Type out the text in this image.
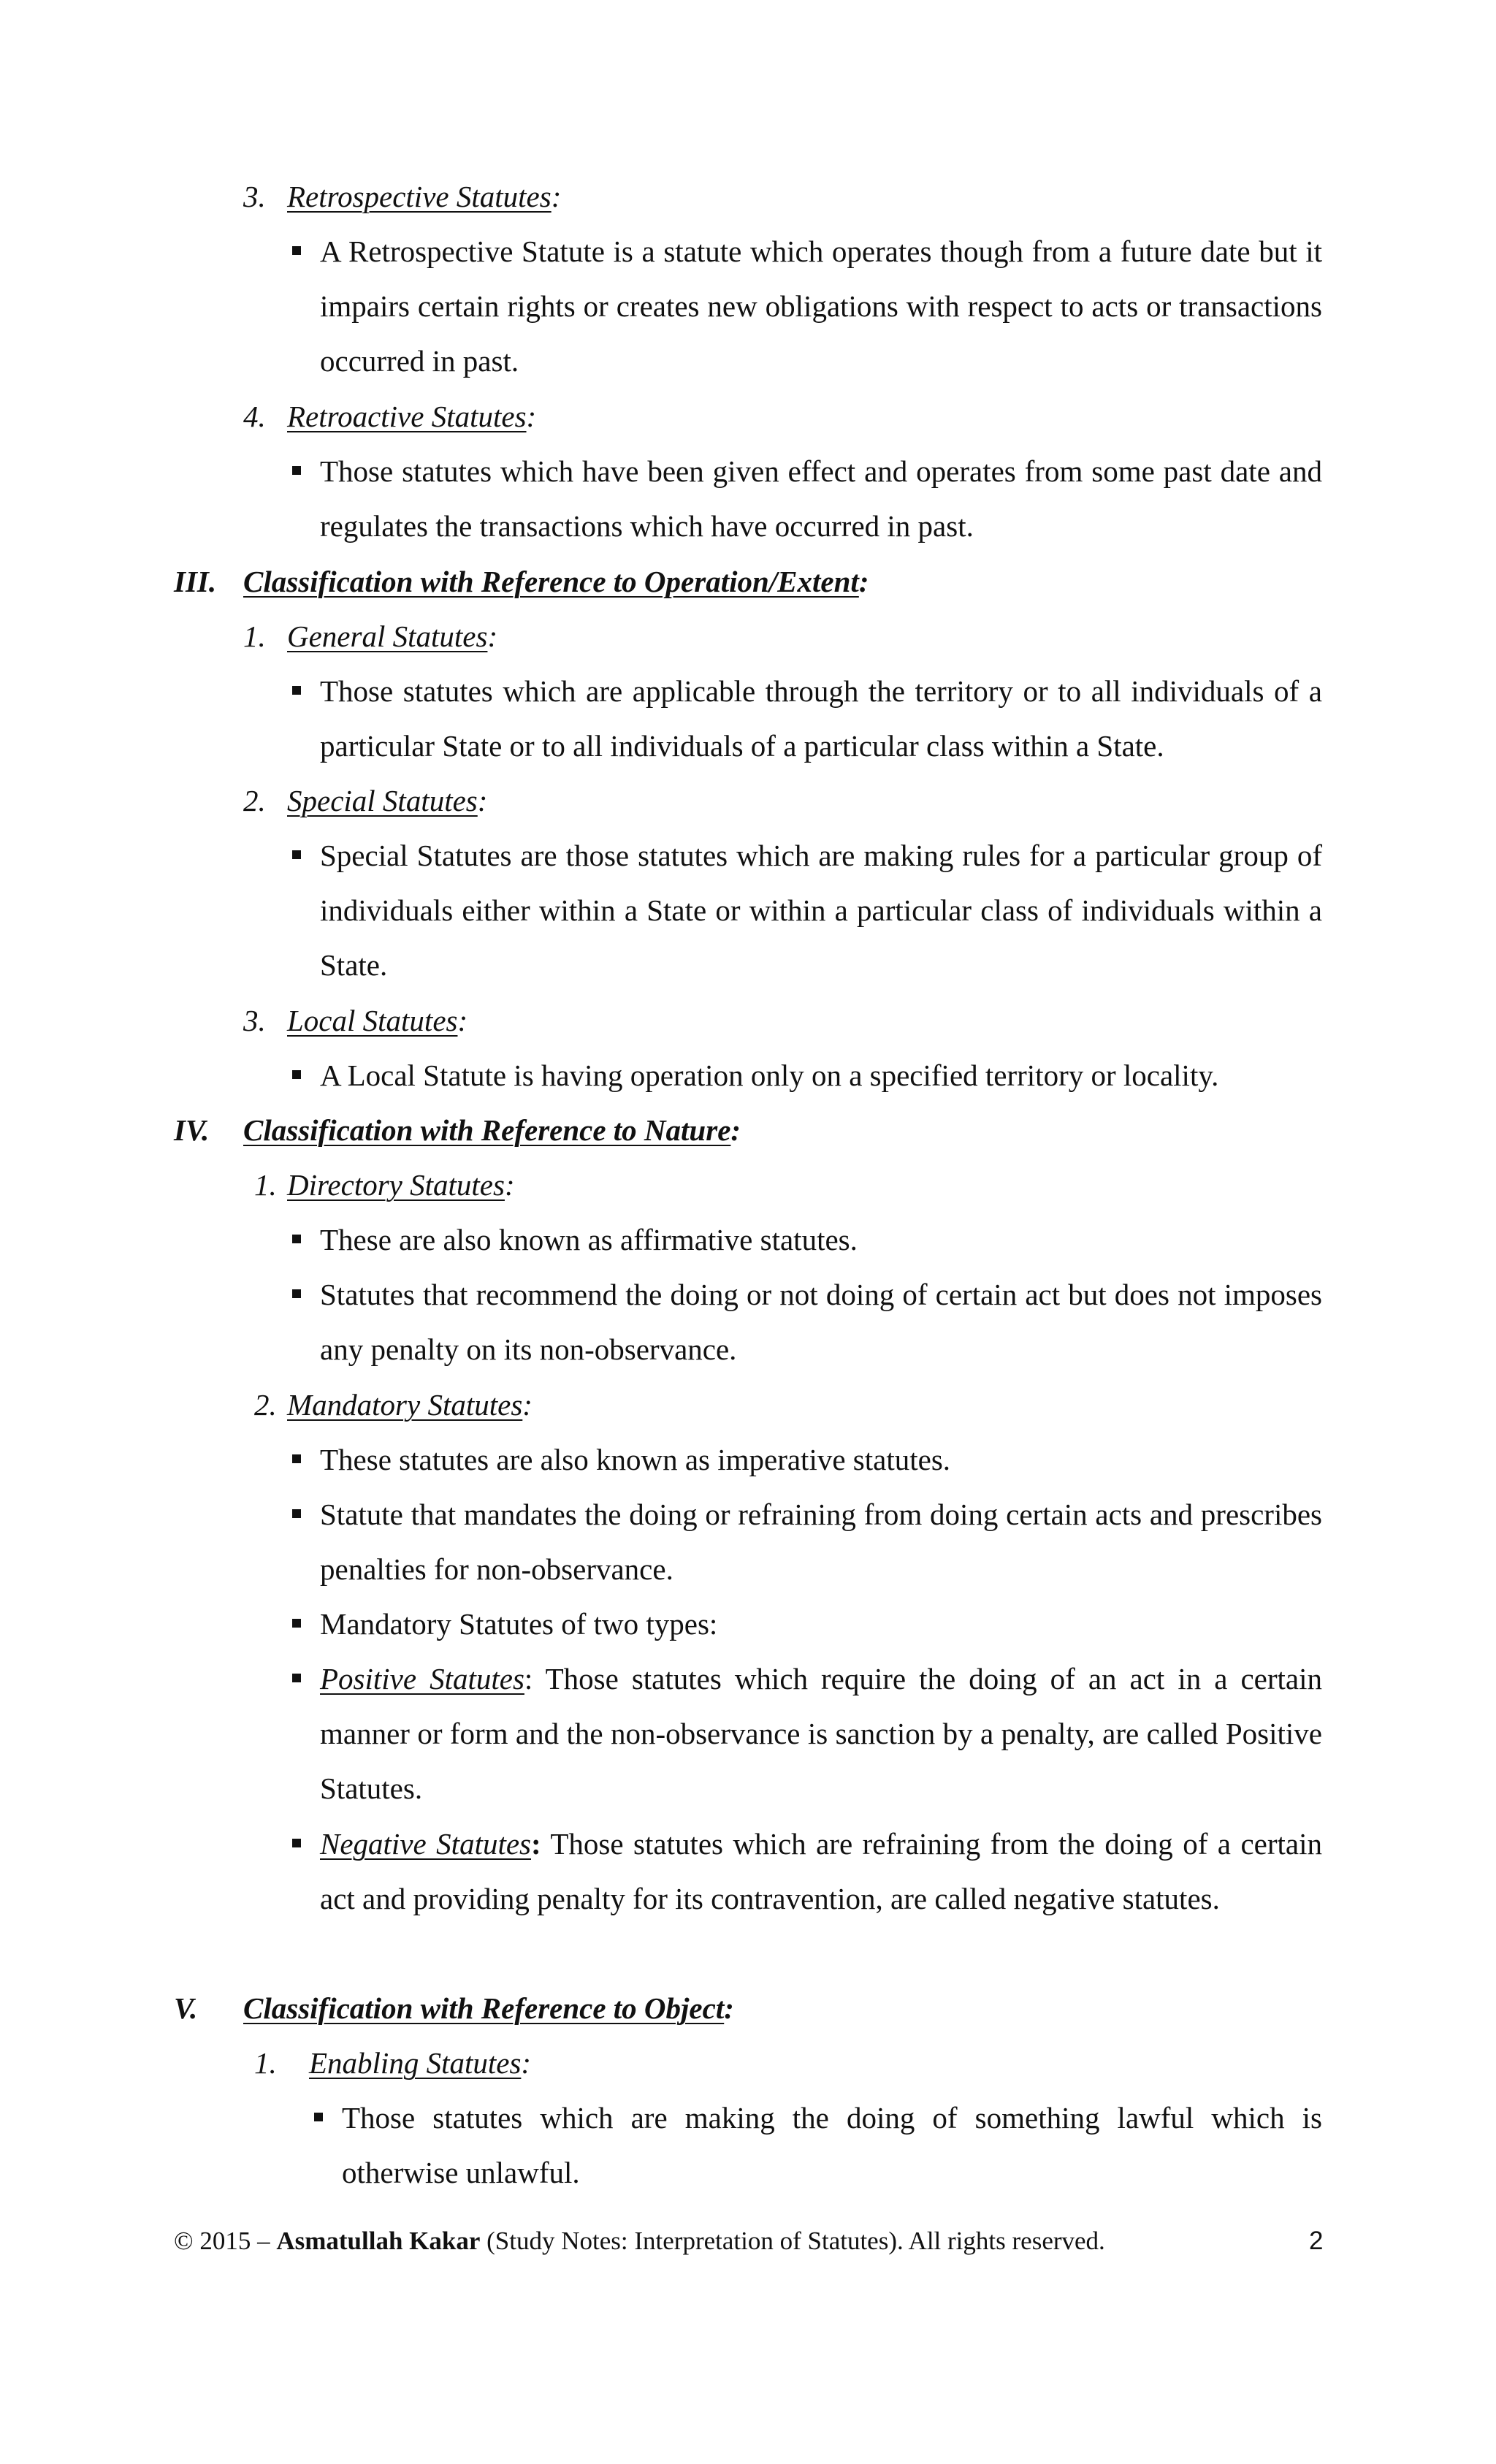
3. Retrospective Statutes:
A Retrospective Statute is a statute which operates though from a future date but it impairs certain rights or creates new obligations with respect to acts or transactions occurred in past.
4. Retroactive Statutes:
Those statutes which have been given effect and operates from some past date and regulates the transactions which have occurred in past.
III. Classification with Reference to Operation/Extent:
1. General Statutes:
Those statutes which are applicable through the territory or to all individuals of a particular State or to all individuals of a particular class within a State.
2. Special Statutes:
Special Statutes are those statutes which are making rules for a particular group of individuals either within a State or within a particular class of individuals within a State.
3. Local Statutes:
A Local Statute is having operation only on a specified territory or locality.
IV. Classification with Reference to Nature:
1. Directory Statutes:
These are also known as affirmative statutes.
Statutes that recommend the doing or not doing of certain act but does not imposes any penalty on its non-observance.
2. Mandatory Statutes:
These statutes are also known as imperative statutes.
Statute that mandates the doing or refraining from doing certain acts and prescribes penalties for non-observance.
Mandatory Statutes of two types:
Positive Statutes: Those statutes which require the doing of an act in a certain manner or form and the non-observance is sanction by a penalty, are called Positive Statutes.
Negative Statutes: Those statutes which are refraining from the doing of a certain act and providing penalty for its contravention, are called negative statutes.
V. Classification with Reference to Object:
1. Enabling Statutes:
Those statutes which are making the doing of something lawful which is otherwise unlawful.
© 2015 – Asmatullah Kakar (Study Notes: Interpretation of Statutes). All rights reserved.	2
